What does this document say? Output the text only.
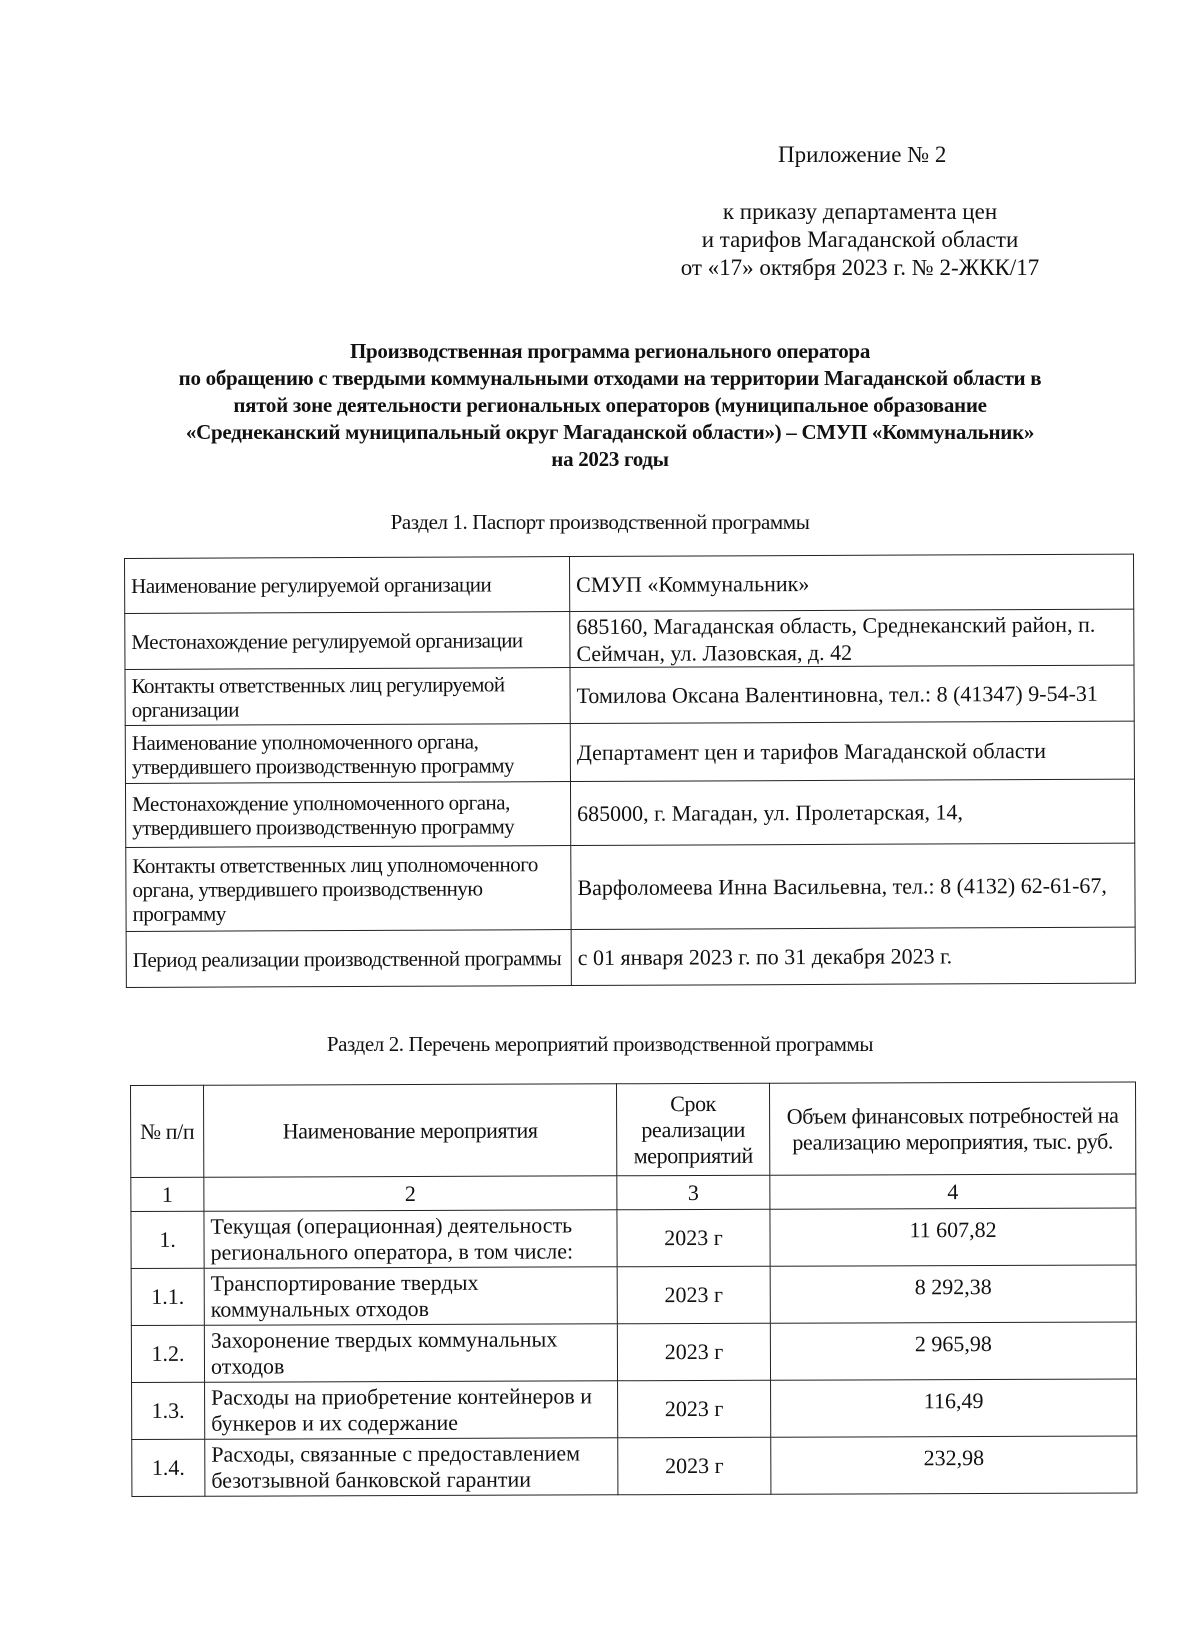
Приложение № 2
к приказу департамента цен
и тарифов Магаданской области
от «17» октября 2023 г. № 2-ЖКК/17
Производственная программа регионального оператора
по обращению с твердыми коммунальными отходами на территории Магаданской области в
пятой зоне деятельности региональных операторов (муниципальное образование
«Среднеканский муниципальный округ Магаданской области») – СМУП «Коммунальник»
на 2023 годы
Раздел 1. Паспорт производственной программы
Наименование регулируемой организации	СМУП «Коммунальник»
Местонахождение регулируемой организации	685160, Магаданская область, Среднеканский район, п. Сеймчан, ул. Лазовская, д. 42
Контакты ответственных лиц регулируемой организации	Томилова Оксана Валентиновна, тел.: 8 (41347) 9-54-31
Наименование уполномоченного органа, утвердившего производственную программу	Департамент цен и тарифов Магаданской области
Местонахождение уполномоченного органа, утвердившего производственную программу	685000, г. Магадан, ул. Пролетарская, 14,
Контакты ответственных лиц уполномоченного органа, утвердившего производственную программу	Варфоломеева Инна Васильевна, тел.: 8 (4132) 62-61-67,
Период реализации производственной программы	с 01 января 2023 г. по 31 декабря 2023 г.
Раздел 2. Перечень мероприятий производственной программы
№ п/п	Наименование мероприятия	Срок реализации мероприятий	Объем финансовых потребностей на реализацию мероприятия, тыс. руб.
1	2	3	4
1.	Текущая (операционная) деятельность регионального оператора, в том числе:	2023 г	11 607,82
1.1.	Транспортирование твердых коммунальных отходов	2023 г	8 292,38
1.2.	Захоронение твердых коммунальных отходов	2023 г	2 965,98
1.3.	Расходы на приобретение контейнеров и бункеров и их содержание	2023 г	116,49
1.4.	Расходы, связанные с предоставлением безотзывной банковской гарантии	2023 г	232,98
